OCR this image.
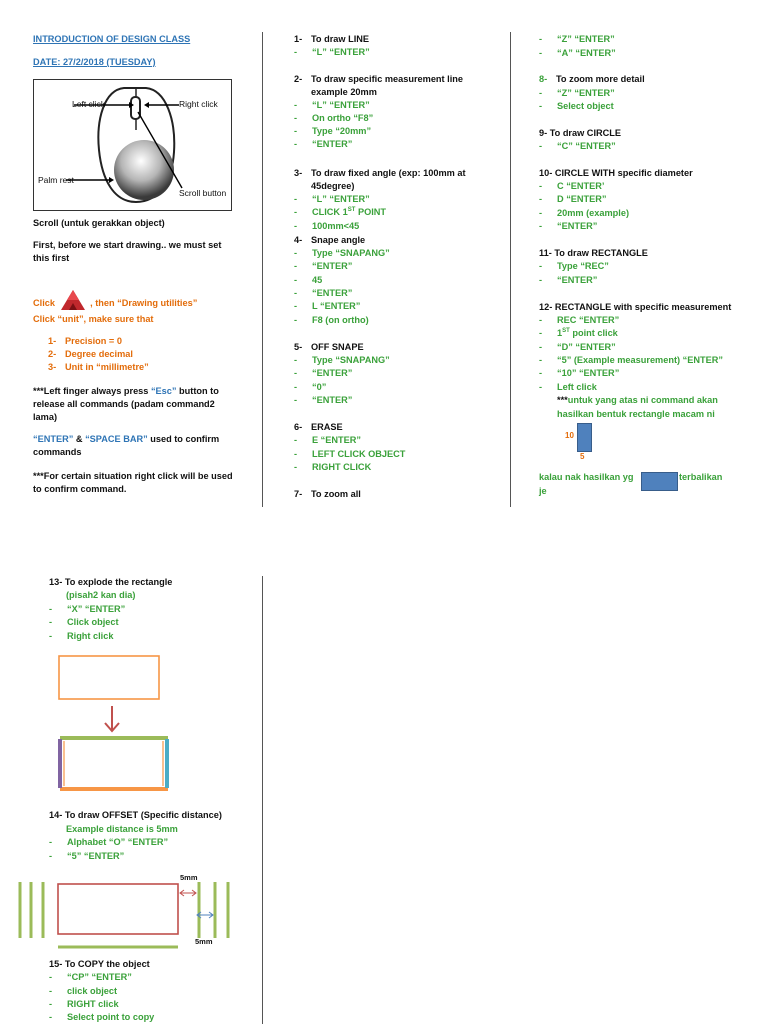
INTRODUCTION OF DESIGN CLASS
DATE: 27/2/2018 (TUESDAY)
Left click	Right click
Palm rest
Scroll button
Scroll (untuk gerakkan object)
First, before we start drawing.. we must set
this first
Click	, then “Drawing utilities”
Click “unit”, make sure that
1- Precision = 0
2- Degree decimal
3- Unit in “millimetre”
***Left finger always press “Esc” button to
release all commands (padam command2
lama)
“ENTER” & “SPACE BAR” used to confirm
commands
***For certain situation right click will be used
to confirm command.
1- To draw LINE
- “L” “ENTER”
2- To draw specific measurement line
example 20mm
- “L” “ENTER”
- On ortho “F8”
- Type “20mm”
- “ENTER”
3- To draw fixed angle (exp: 100mm at
45degree)
- “L” “ENTER”
- CLICK 1ST POINT
- 100mm<45
4- Snape angle
- Type “SNAPANG”
- “ENTER”
- 45
- “ENTER”
- L “ENTER”
- F8 (on ortho)
5- OFF SNAPE
- Type “SNAPANG”
- “ENTER”
- “0”
- “ENTER”
6- ERASE
- E “ENTER”
- LEFT CLICK OBJECT
- RIGHT CLICK
7- To zoom all
- “Z” “ENTER”
- “A” “ENTER”
8- To zoom more detail
- “Z” “ENTER”
- Select object
9- To draw CIRCLE
- “C” “ENTER”
10- CIRCLE WITH specific diameter
- C “ENTER’
- D “ENTER”
- 20mm (example)
- “ENTER”
11- To draw RECTANGLE
- Type “REC”
- “ENTER”
12- RECTANGLE with specific measurement
- REC “ENTER”
- 1ST point click
- “D” “ENTER”
- “5” (Example measurement) “ENTER”
- “10” “ENTER”
- Left click
***untuk yang atas ni command akan
hasilkan bentuk rectangle macam ni
10
5
kalau nak hasilkan yg	terbalikan
je
13- To explode the rectangle
(pisah2 kan dia)
- “X” “ENTER”
- Click object
- Right click
14- To draw OFFSET (Specific distance)
Example distance is 5mm
- Alphabet “O” “ENTER”
- “5” “ENTER”
5mm
5mm
15- To COPY the object
- “CP” “ENTER”
- click object
- RIGHT click
- Select point to copy
